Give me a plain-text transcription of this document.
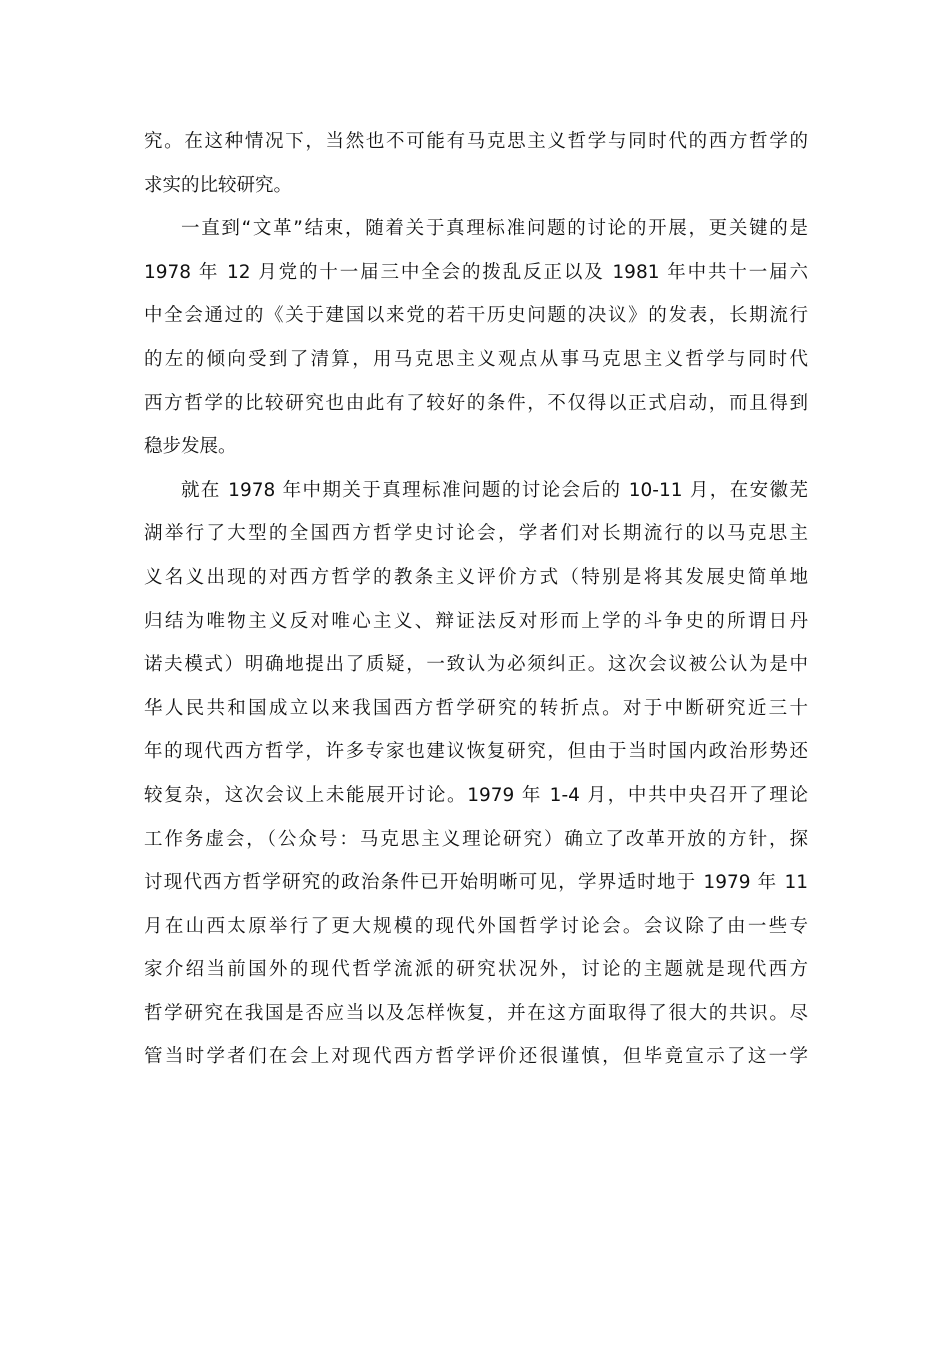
究。在这种情况下，当然也不可能有马克思主义哲学与同时代的西方哲学的
求实的比较研究。
一直到“文革”结束，随着关于真理标准问题的讨论的开展，更关键的是
1978 年 12 月党的十一届三中全会的拨乱反正以及 1981 年中共十一届六
中全会通过的《关于建国以来党的若干历史问题的决议》的发表，长期流行
的左的倾向受到了清算，用马克思主义观点从事马克思主义哲学与同时代
西方哲学的比较研究也由此有了较好的条件，不仅得以正式启动，而且得到
稳步发展。
就在 1978 年中期关于真理标准问题的讨论会后的 10-11 月，在安徽芜
湖举行了大型的全国西方哲学史讨论会，学者们对长期流行的以马克思主
义名义出现的对西方哲学的教条主义评价方式（特别是将其发展史简单地
归结为唯物主义反对唯心主义、辩证法反对形而上学的斗争史的所谓日丹
诺夫模式）明确地提出了质疑，一致认为必须纠正。这次会议被公认为是中
华人民共和国成立以来我国西方哲学研究的转折点。对于中断研究近三十
年的现代西方哲学，许多专家也建议恢复研究，但由于当时国内政治形势还
较复杂，这次会议上未能展开讨论。1979 年 1-4 月，中共中央召开了理论
工作务虚会，（公众号：马克思主义理论研究）确立了改革开放的方针，探
讨现代西方哲学研究的政治条件已开始明晰可见，学界适时地于 1979 年 11
月在山西太原举行了更大规模的现代外国哲学讨论会。会议除了由一些专
家介绍当前国外的现代哲学流派的研究状况外，讨论的主题就是现代西方
哲学研究在我国是否应当以及怎样恢复，并在这方面取得了很大的共识。尽
管当时学者们在会上对现代西方哲学评价还很谨慎，但毕竟宣示了这一学
